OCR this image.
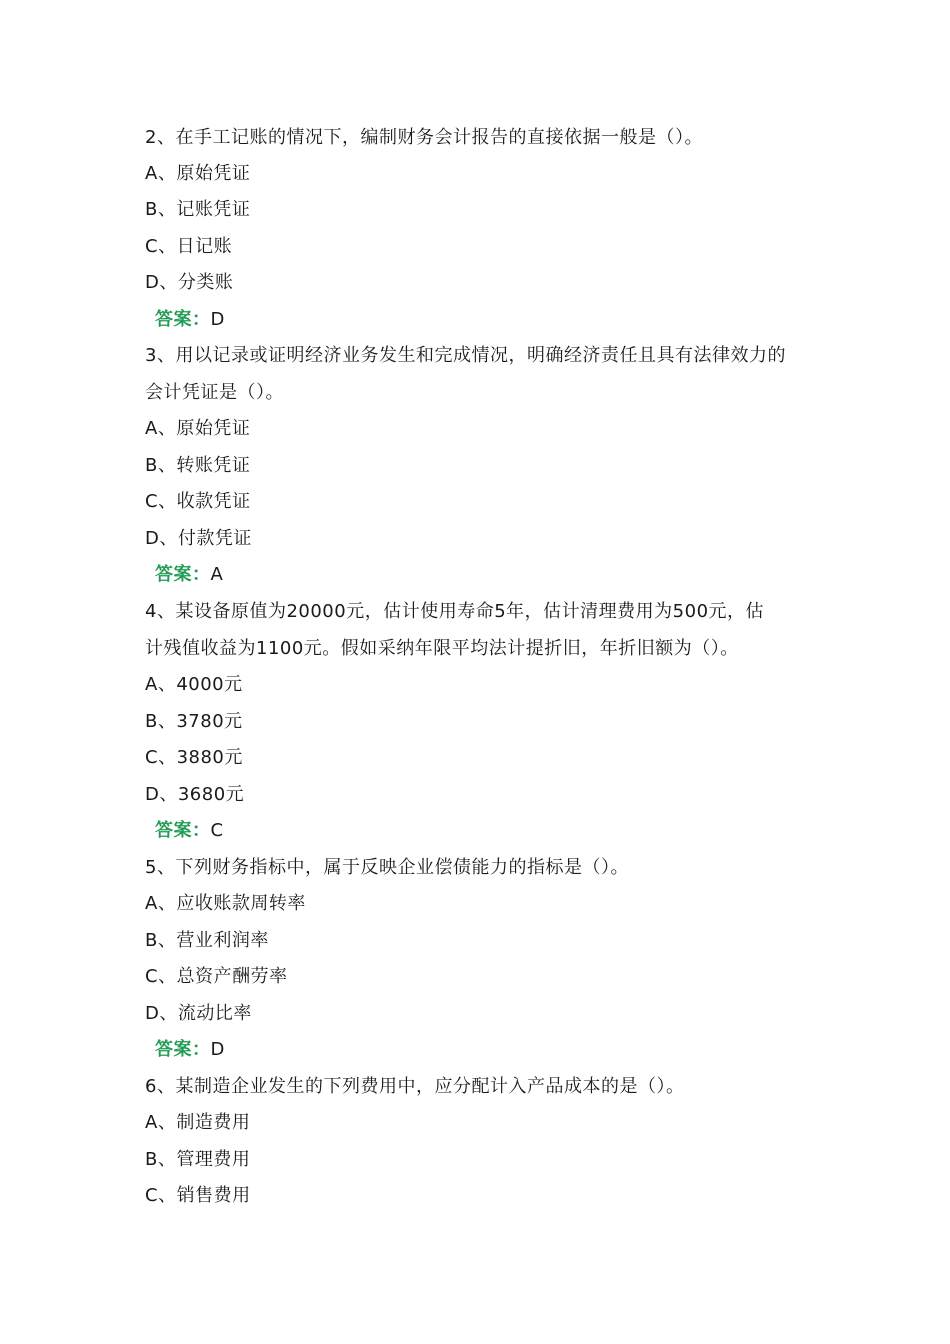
2、在手工记账的情况下，编制财务会计报告的直接依据一般是（）。
A、原始凭证
B、记账凭证
C、日记账
D、分类账
答案：D
3、用以记录或证明经济业务发生和完成情况，明确经济责任且具有法律效力的
会计凭证是（）。
A、原始凭证
B、转账凭证
C、收款凭证
D、付款凭证
答案：A
4、某设备原值为20000元，估计使用寿命5年，估计清理费用为500元，估
计残值收益为1100元。假如采纳年限平均法计提折旧，年折旧额为（）。
A、4000元
B、3780元
C、3880元
D、3680元
答案：C
5、下列财务指标中，属于反映企业偿债能力的指标是（）。
A、应收账款周转率
B、营业利润率
C、总资产酬劳率
D、流动比率
答案：D
6、某制造企业发生的下列费用中，应分配计入产品成本的是（）。
A、制造费用
B、管理费用
C、销售费用
